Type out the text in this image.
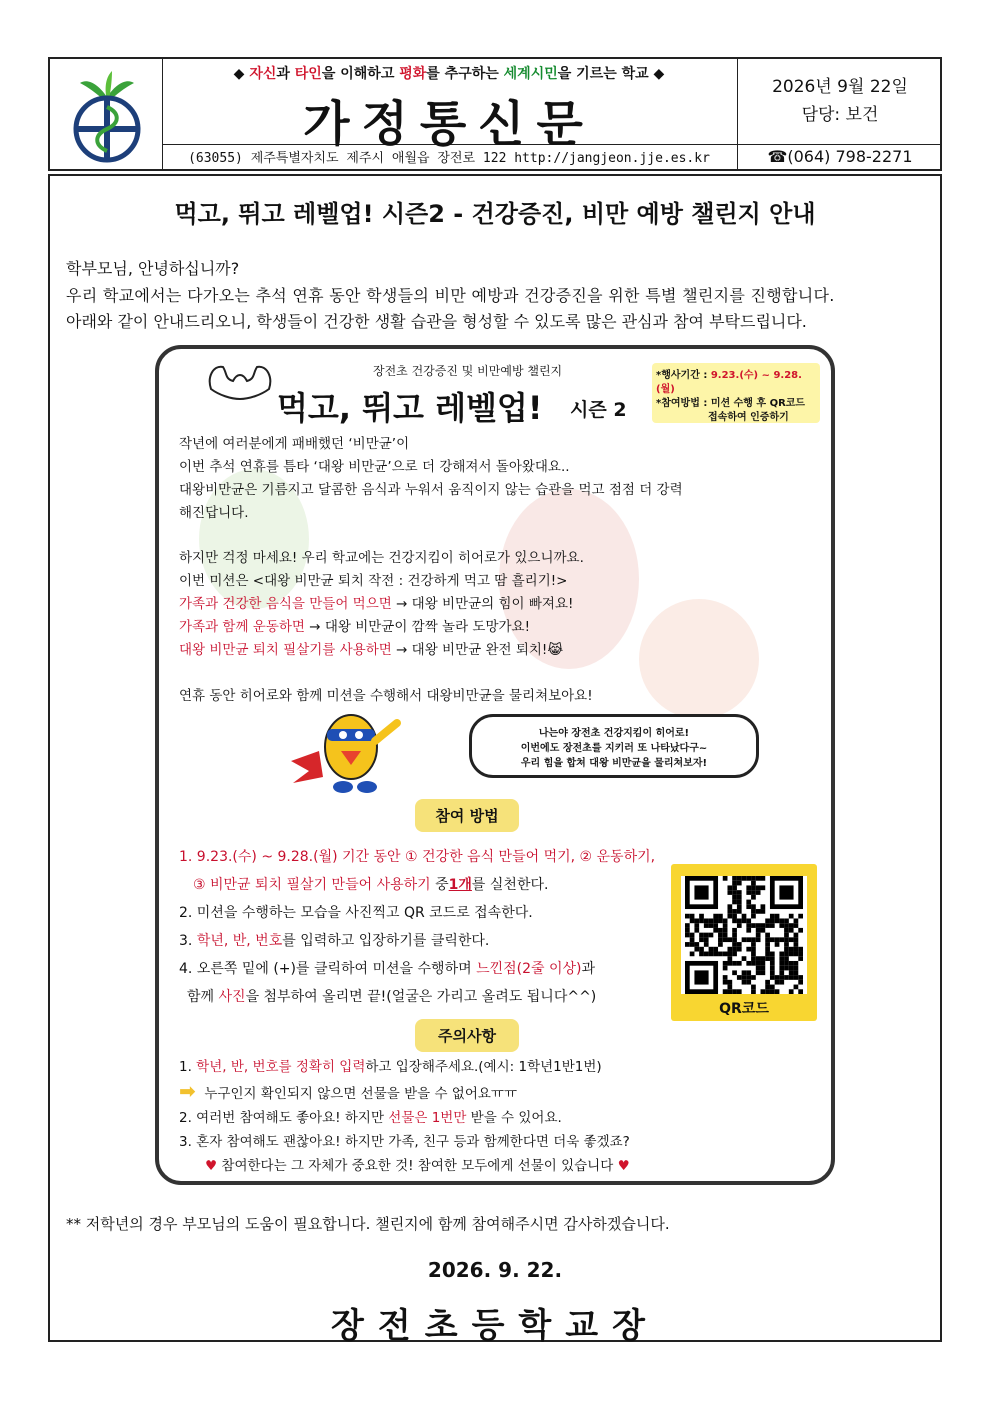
◆ 자신과 타인을 이해하고 평화를 추구하는 세계시민을 기르는 학교 ◆
가정통신문
(63055) 제주특별자치도 제주시 애월읍 장전로 122 http://jangjeon.jje.es.kr
2026년 9월 22일
담당: 보건
☎(064) 798-2271
먹고, 뛰고 레벨업! 시즌2 - 건강증진, 비만 예방 챌린지 안내
학부모님, 안녕하십니까?
우리 학교에서는 다가오는 추석 연휴 동안 학생들의 비만 예방과 건강증진을 위한 특별 챌린지를 진행합니다.
아래와 같이 안내드리오니, 학생들이 건강한 생활 습관을 형성할 수 있도록 많은 관심과 참여 부탁드립니다.
장전초 건강증진 및 비만예방 챌린지
먹고, 뛰고 레벨업! 시즌 2
*행사기간 : 9.23.(수) ~ 9.28.(월)
*참여방법 : 미션 수행 후 QR코드
접속하여 인증하기
작년에 여러분에게 패배했던 ‘비만균’이
이번 추석 연휴를 틈타 ‘대왕 비만균’으로 더 강해져서 돌아왔대요..
대왕비만균은 기름지고 달콤한 음식과 누워서 움직이지 않는 습관을 먹고 점점 더 강력
해진답니다.
하지만 걱정 마세요! 우리 학교에는 건강지킴이 히어로가 있으니까요.
이번 미션은 <대왕 비만균 퇴치 작전 : 건강하게 먹고 땀 흘리기!>
가족과 건강한 음식을 만들어 먹으면 → 대왕 비만균의 힘이 빠져요!
가족과 함께 운동하면 → 대왕 비만균이 깜짝 놀라 도망가요!
대왕 비만균 퇴치 필살기를 사용하면 → 대왕 비만균 완전 퇴치!😹
연휴 동안 히어로와 함께 미션을 수행해서 대왕비만균을 물리쳐보아요!
나는야 장전초 건강지킴이 히어로!
이번에도 장전초를 지키러 또 나타났다구~
우리 힘을 합쳐 대왕 비만균을 물리쳐보자!
참여 방법
1. 9.23.(수) ~ 9.28.(월) 기간 동안 ① 건강한 음식 만들어 먹기, ② 운동하기,
③ 비만균 퇴치 필살기 만들어 사용하기 중1개를 실천한다.
2. 미션을 수행하는 모습을 사진찍고 QR 코드로 접속한다.
3. 학년, 반, 번호를 입력하고 입장하기를 클릭한다.
4. 오른쪽 밑에 (+)를 클릭하여 미션을 수행하며 느낀점(2줄 이상)과
함께 사진을 첨부하여 올리면 끝!(얼굴은 가리고 올려도 됩니다^^)
QR코드
주의사항
1. 학년, 반, 번호를 정확히 입력하고 입장해주세요.(예시: 1학년1반1번)
➡ 누구인지 확인되지 않으면 선물을 받을 수 없어요ㅠㅠ
2. 여러번 참여해도 좋아요! 하지만 선물은 1번만 받을 수 있어요.
3. 혼자 참여해도 괜찮아요! 하지만 가족, 친구 등과 함께한다면 더욱 좋겠죠?
♥ 참여한다는 그 자체가 중요한 것! 참여한 모두에게 선물이 있습니다 ♥
** 저학년의 경우 부모님의 도움이 필요합니다. 챌린지에 함께 참여해주시면 감사하겠습니다.
2026. 9. 22.
장전초등학교장
